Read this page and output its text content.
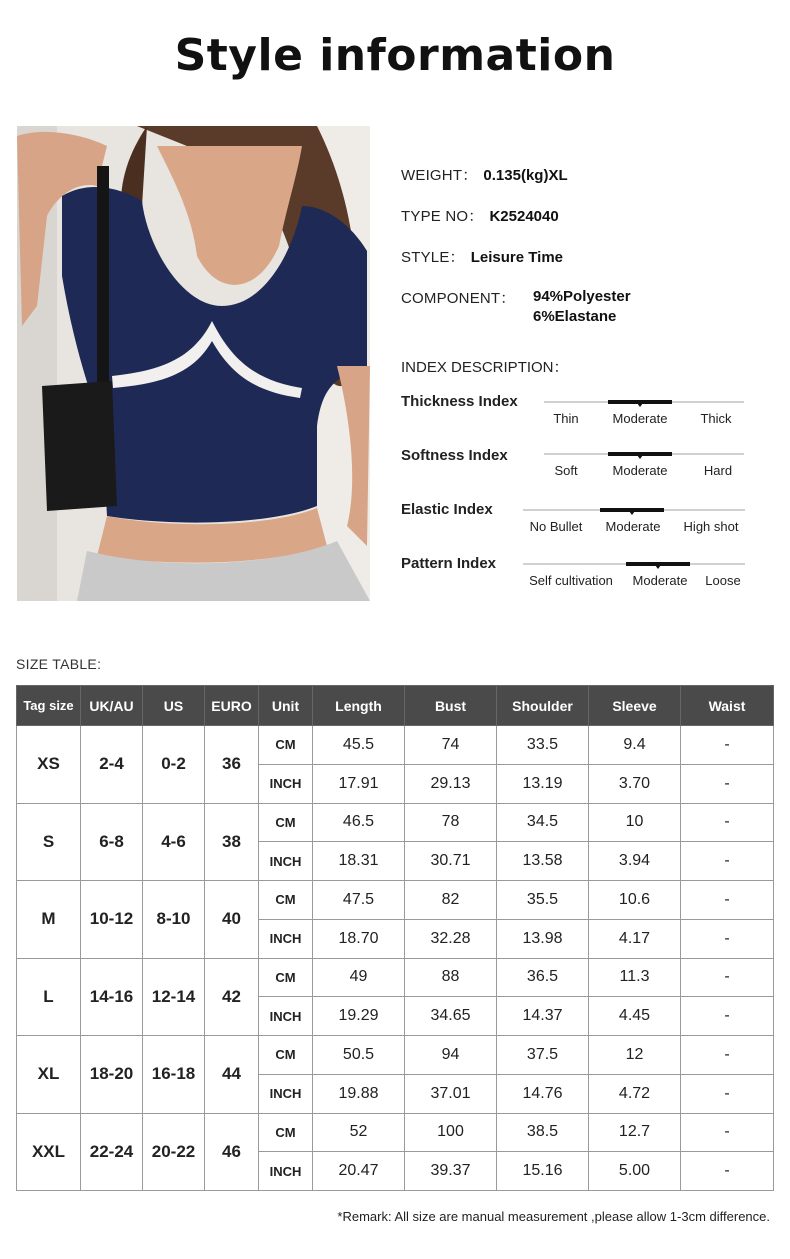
Style information
WEIGHT： 0.135(kg)XL
TYPE NO： K2524040
STYLE： Leisure Time
COMPONENT： 94%Polyester
6%Elastane
INDEX DESCRIPTION：
Thickness Index
Thin	Moderate	Thick
Softness Index
Soft	Moderate	Hard
Elastic Index
No Bullet Moderate High shot
Pattern Index
Self cultivation Moderate Loose
SIZE TABLE:
Tag size	UK/AU	US	EURO	Unit	Length	Bust	Shoulder	Sleeve	Waist
XS	2-4	0-2	36	CM	45.5	74	33.5	9.4	-
				INCH	17.91	29.13	13.19	3.70	-
S	6-8	4-6	38	CM	46.5	78	34.5	10	-
				INCH	18.31	30.71	13.58	3.94	-
M	10-12	8-10	40	CM	47.5	82	35.5	10.6	-
				INCH	18.70	32.28	13.98	4.17	-
L	14-16	12-14	42	CM	49	88	36.5	11.3	-
				INCH	19.29	34.65	14.37	4.45	-
XL	18-20	16-18	44	CM	50.5	94	37.5	12	-
				INCH	19.88	37.01	14.76	4.72	-
XXL	22-24	20-22	46	CM	52	100	38.5	12.7	-
				INCH	20.47	39.37	15.16	5.00	-
*Remark: All size are manual measurement ,please allow 1-3cm difference.
